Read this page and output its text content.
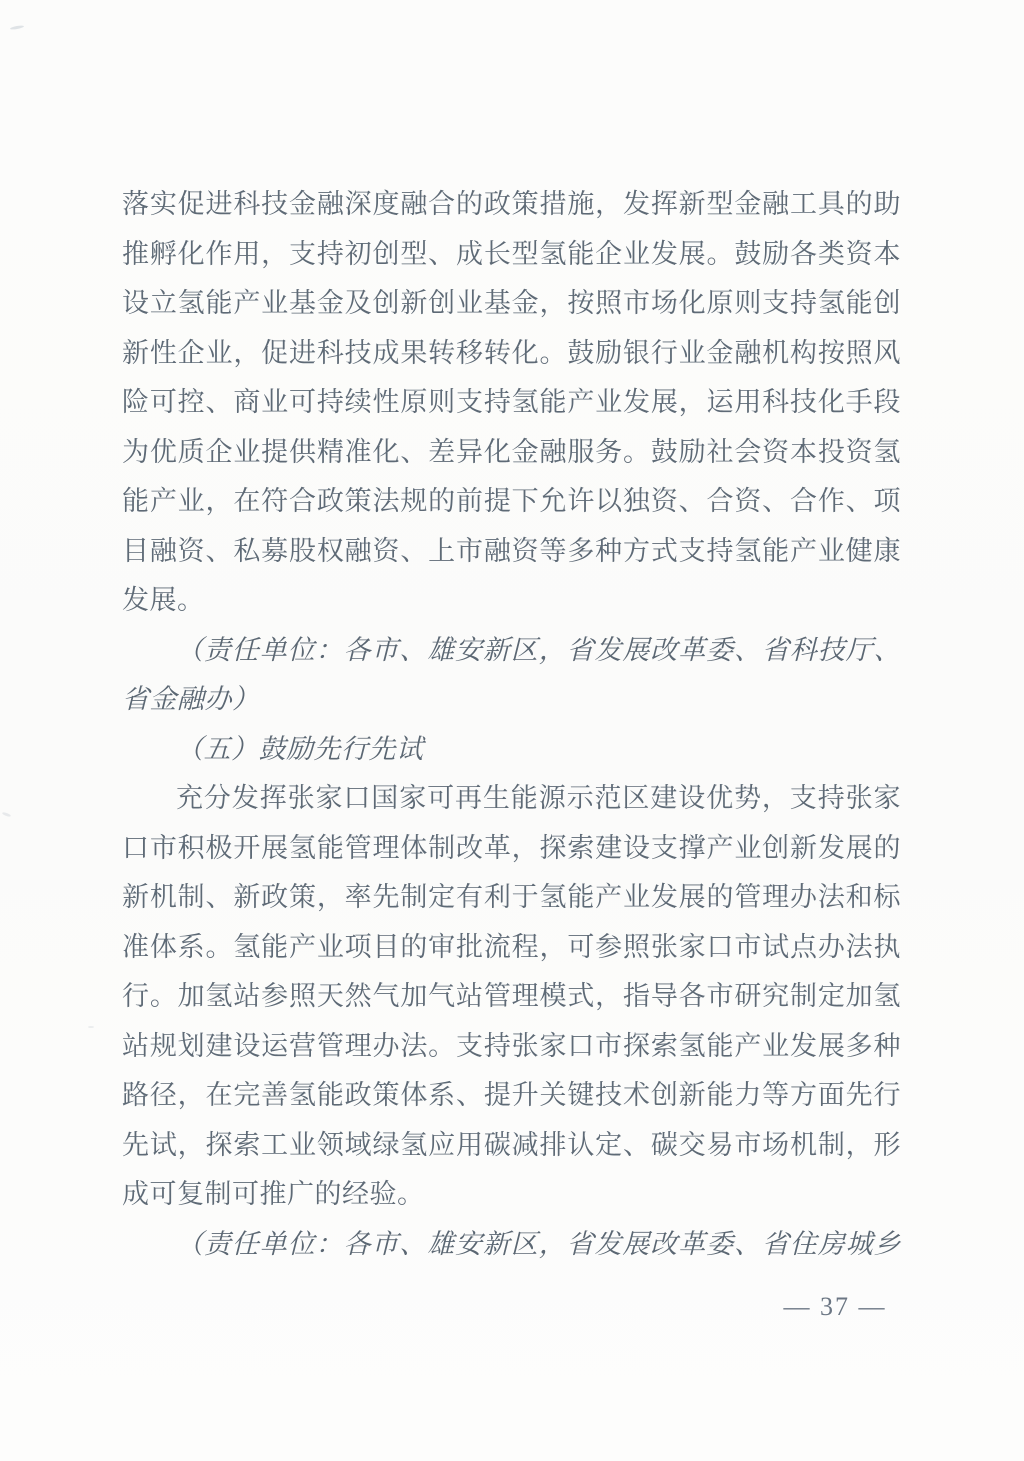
落实促进科技金融深度融合的政策措施，发挥新型金融工具的助
推孵化作用，支持初创型、成长型氢能企业发展。鼓励各类资本
设立氢能产业基金及创新创业基金，按照市场化原则支持氢能创
新性企业，促进科技成果转移转化。鼓励银行业金融机构按照风
险可控、商业可持续性原则支持氢能产业发展，运用科技化手段
为优质企业提供精准化、差异化金融服务。鼓励社会资本投资氢
能产业，在符合政策法规的前提下允许以独资、合资、合作、项
目融资、私募股权融资、上市融资等多种方式支持氢能产业健康
发展。
（责任单位：各市、雄安新区，省发展改革委、省科技厅、
省金融办）
（五）鼓励先行先试
充分发挥张家口国家可再生能源示范区建设优势，支持张家
口市积极开展氢能管理体制改革，探索建设支撑产业创新发展的
新机制、新政策，率先制定有利于氢能产业发展的管理办法和标
准体系。氢能产业项目的审批流程，可参照张家口市试点办法执
行。加氢站参照天然气加气站管理模式，指导各市研究制定加氢
站规划建设运营管理办法。支持张家口市探索氢能产业发展多种
路径，在完善氢能政策体系、提升关键技术创新能力等方面先行
先试，探索工业领域绿氢应用碳减排认定、碳交易市场机制，形
成可复制可推广的经验。
（责任单位：各市、雄安新区，省发展改革委、省住房城乡
— 37 —
